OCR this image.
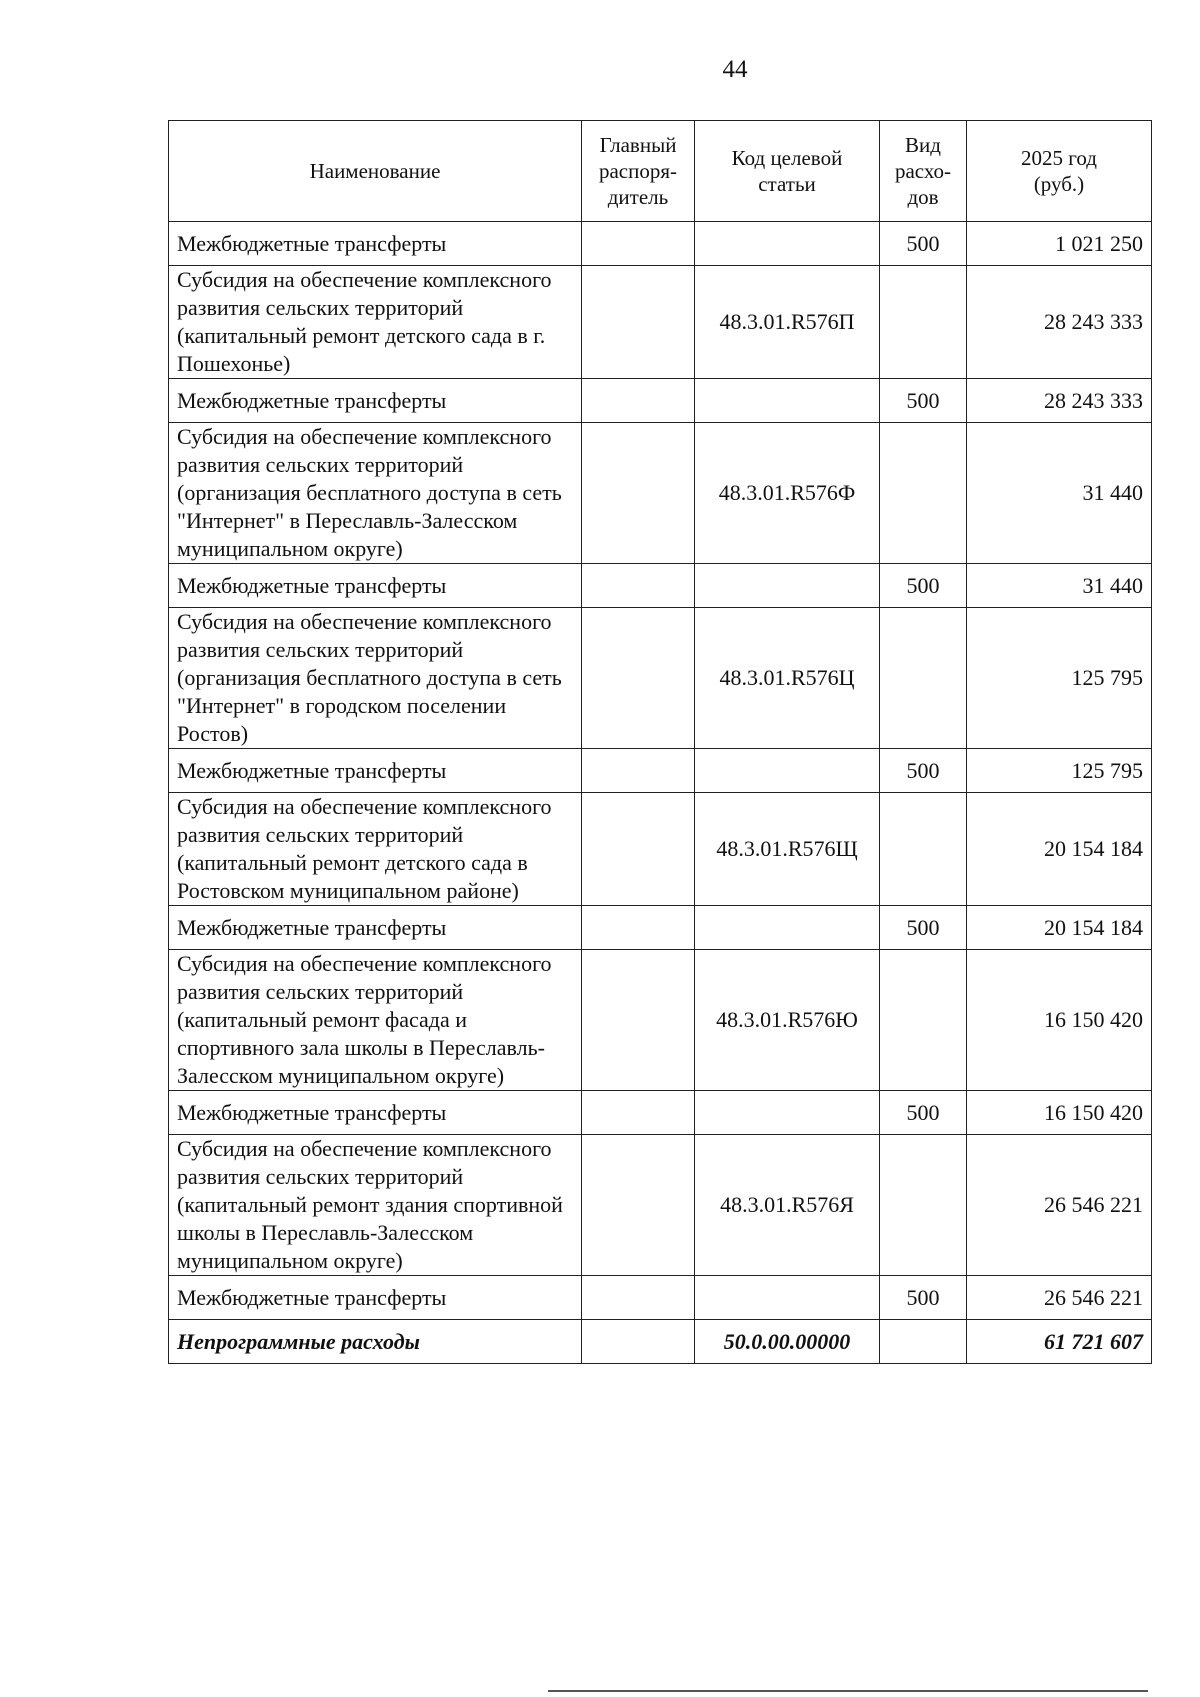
44
Наименование	Главный распоря-дитель	Код целевой статьи	Вид расхо-дов	2025 год (руб.)
Межбюджетные трансферты			500	1 021 250
Субсидия на обеспечение комплексного развития сельских территорий (капитальный ремонт детского сада в г. Пошехонье)		48.3.01.R576П		28 243 333
Межбюджетные трансферты			500	28 243 333
Субсидия на обеспечение комплексного развития сельских территорий (организация бесплатного доступа в сеть "Интернет" в Переславль-Залесском муниципальном округе)		48.3.01.R576Ф		31 440
Межбюджетные трансферты			500	31 440
Субсидия на обеспечение комплексного развития сельских территорий (организация бесплатного доступа в сеть "Интернет" в городском поселении Ростов)		48.3.01.R576Ц		125 795
Межбюджетные трансферты			500	125 795
Субсидия на обеспечение комплексного развития сельских территорий (капитальный ремонт детского сада в Ростовском муниципальном районе)		48.3.01.R576Щ		20 154 184
Межбюджетные трансферты			500	20 154 184
Субсидия на обеспечение комплексного развития сельских территорий (капитальный ремонт фасада и спортивного зала школы в Переславль-Залесском муниципальном округе)		48.3.01.R576Ю		16 150 420
Межбюджетные трансферты			500	16 150 420
Субсидия на обеспечение комплексного развития сельских территорий (капитальный ремонт здания спортивной школы в Переславль-Залесском муниципальном округе)		48.3.01.R576Я		26 546 221
Межбюджетные трансферты			500	26 546 221
Непрограммные расходы		50.0.00.00000		61 721 607
